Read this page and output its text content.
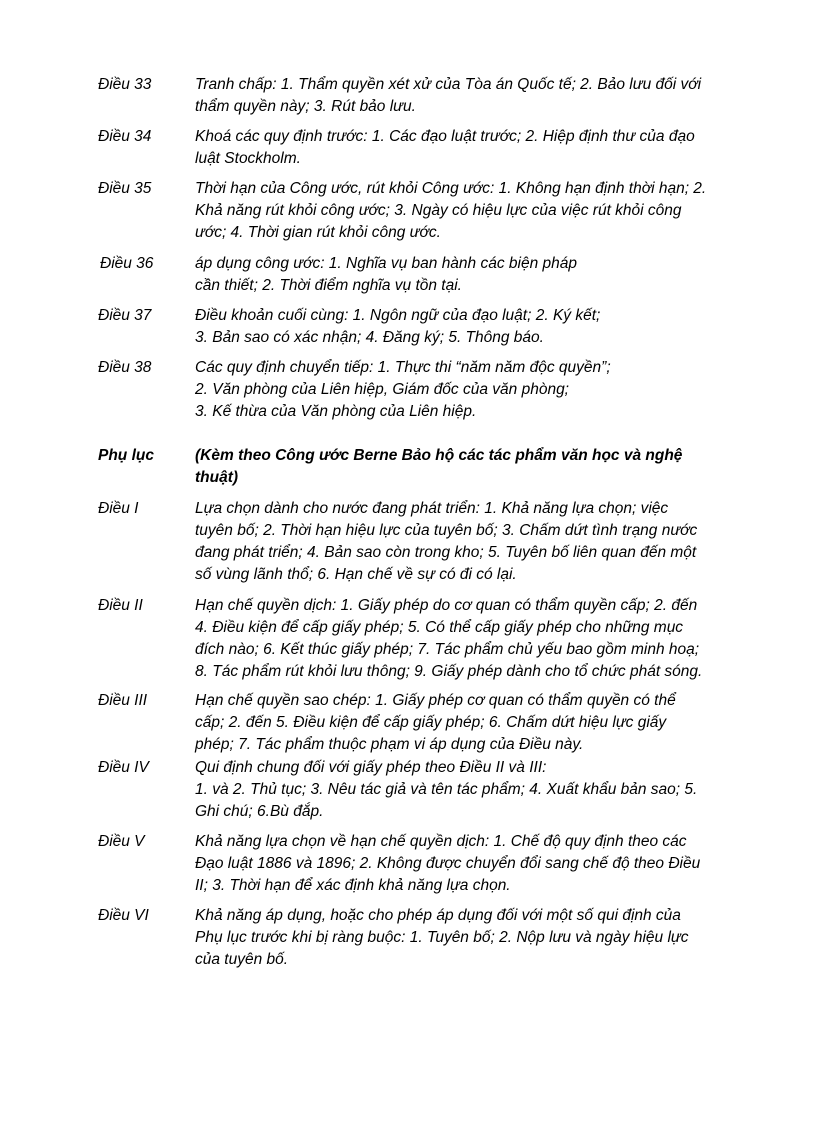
Điều 33	Tranh chấp: 1. Thẩm quyền xét xử của Tòa án Quốc tế; 2. Bảo lưu đối với
thẩm quyền này; 3. Rút bảo lưu.
Điều 34	Khoá các quy định trước: 1. Các đạo luật trước; 2. Hiệp định thư của đạo
luật Stockholm.
Điều 35	Thời hạn của Công ước, rút khỏi Công ước: 1. Không hạn định thời hạn; 2.
Khả năng rút khỏi công ước; 3. Ngày có hiệu lực của việc rút khỏi công
ước; 4. Thời gian rút khỏi công ước.
Điều 36	áp dụng công ước: 1. Nghĩa vụ ban hành các biện pháp
cần thiết; 2. Thời điểm nghĩa vụ tồn tại.
Điều 37	Điều khoản cuối cùng: 1. Ngôn ngữ của đạo luật; 2. Ký kết;
3. Bản sao có xác nhận; 4. Đăng ký; 5. Thông báo.
Điều 38	Các quy định chuyển tiếp: 1. Thực thi “năm năm độc quyền”;
2. Văn phòng của Liên hiệp, Giám đốc của văn phòng;
3. Kế thừa của Văn phòng của Liên hiệp.
Phụ lục	(Kèm theo Công ước Berne Bảo hộ các tác phẩm văn học và nghệ
thuật)
Điều I	Lựa chọn dành cho nước đang phát triển: 1. Khả năng lựa chọn; việc
tuyên bố; 2. Thời hạn hiệu lực của tuyên bố; 3. Chấm dứt tình trạng nước
đang phát triển; 4. Bản sao còn trong kho; 5. Tuyên bố liên quan đến một
số vùng lãnh thổ; 6. Hạn chế về sự có đi có lại.
Điều II	Hạn chế quyền dịch: 1. Giấy phép do cơ quan có thẩm quyền cấp; 2. đến
4. Điều kiện để cấp giấy phép; 5. Có thể cấp giấy phép cho những mục
đích nào; 6. Kết thúc giấy phép; 7. Tác phẩm chủ yếu bao gồm minh hoạ;
8. Tác phẩm rút khỏi lưu thông; 9. Giấy phép dành cho tổ chức phát sóng.
Điều III	Hạn chế quyền sao chép: 1. Giấy phép cơ quan có thẩm quyền có thể
cấp; 2. đến 5. Điều kiện để cấp giấy phép; 6. Chấm dứt hiệu lực giấy
phép; 7. Tác phẩm thuộc phạm vi áp dụng của Điều này.
Điều IV	Qui định chung đối với giấy phép theo Điều II và III:
1. và 2. Thủ tục; 3. Nêu tác giả và tên tác phẩm; 4. Xuất khẩu bản sao; 5.
Ghi chú; 6.Bù đắp.
Điều V	Khả năng lựa chọn về hạn chế quyền dịch: 1. Chế độ quy định theo các
Đạo luật 1886 và 1896; 2. Không được chuyển đổi sang chế độ theo Điều
II; 3. Thời hạn để xác định khả năng lựa chọn.
Điều VI	Khả năng áp dụng, hoặc cho phép áp dụng đối với một số qui định của
Phụ lục trước khi bị ràng buộc: 1. Tuyên bố; 2. Nộp lưu và ngày hiệu lực
của tuyên bố.
